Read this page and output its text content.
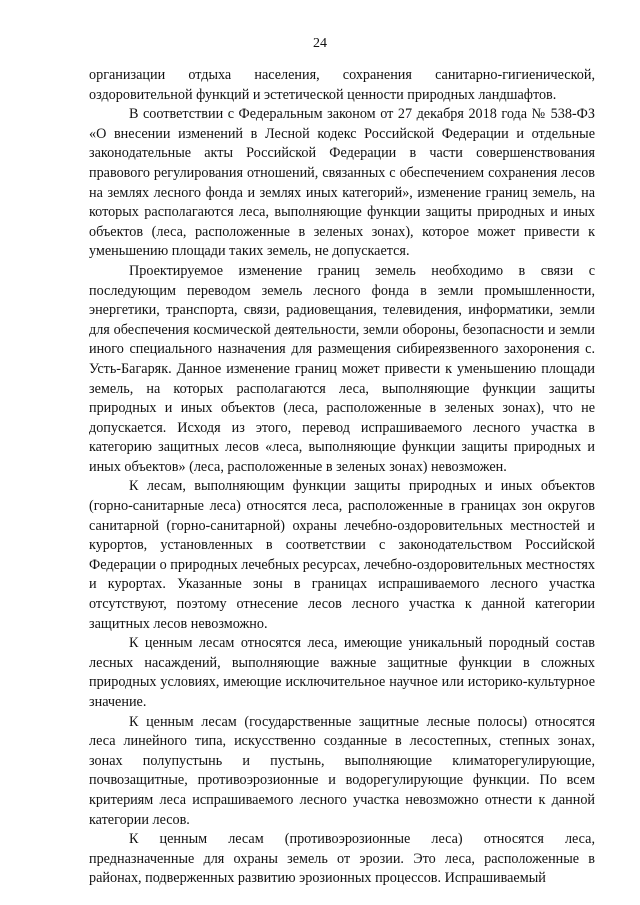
24

организации отдыха населения, сохранения санитарно-гигиенической, оздоровительной функций и эстетической ценности природных ландшафтов.

В соответствии с Федеральным законом от 27 декабря 2018 года № 538-ФЗ «О внесении изменений в Лесной кодекс Российской Федерации и отдельные законодательные акты Российской Федерации в части совершенствования правового регулирования отношений, связанных с обеспечением сохранения лесов на землях лесного фонда и землях иных категорий», изменение границ земель, на которых располагаются леса, выполняющие функции защиты природных и иных объектов (леса, расположенные в зеленых зонах), которое может привести к уменьшению площади таких земель, не допускается.

Проектируемое изменение границ земель необходимо в связи с последующим переводом земель лесного фонда в земли промышленности, энергетики, транспорта, связи, радиовещания, телевидения, информатики, земли для обеспечения космической деятельности, земли обороны, безопасности и земли иного специального назначения для размещения сибиреязвенного захоронения с. Усть-Багаряк. Данное изменение границ может привести к уменьшению площади земель, на которых располагаются леса, выполняющие функции защиты природных и иных объектов (леса, расположенные в зеленых зонах), что не допускается. Исходя из этого, перевод испрашиваемого лесного участка в категорию защитных лесов «леса, выполняющие функции защиты природных и иных объектов» (леса, расположенные в зеленых зонах) невозможен.

К лесам, выполняющим функции защиты природных и иных объектов (горно-санитарные леса) относятся леса, расположенные в границах зон округов санитарной (горно-санитарной) охраны лечебно-оздоровительных местностей и курортов, установленных в соответствии с законодательством Российской Федерации о природных лечебных ресурсах, лечебно-оздоровительных местностях и курортах. Указанные зоны в границах испрашиваемого лесного участка отсутствуют, поэтому отнесение лесов лесного участка к данной категории защитных лесов невозможно.

К ценным лесам относятся леса, имеющие уникальный породный состав лесных насаждений, выполняющие важные защитные функции в сложных природных условиях, имеющие исключительное научное или историко-культурное значение.

К ценным лесам (государственные защитные лесные полосы) относятся леса линейного типа, искусственно созданные в лесостепных, степных зонах, зонах полупустынь и пустынь, выполняющие климаторегулирующие, почвозащитные, противоэрозионные и водорегулирующие функции. По всем критериям леса испрашиваемого лесного участка невозможно отнести к данной категории лесов.

К ценным лесам (противоэрозионные леса) относятся леса, предназначенные для охраны земель от эрозии. Это леса, расположенные в районах, подверженных развитию эрозионных процессов. Испрашиваемый
